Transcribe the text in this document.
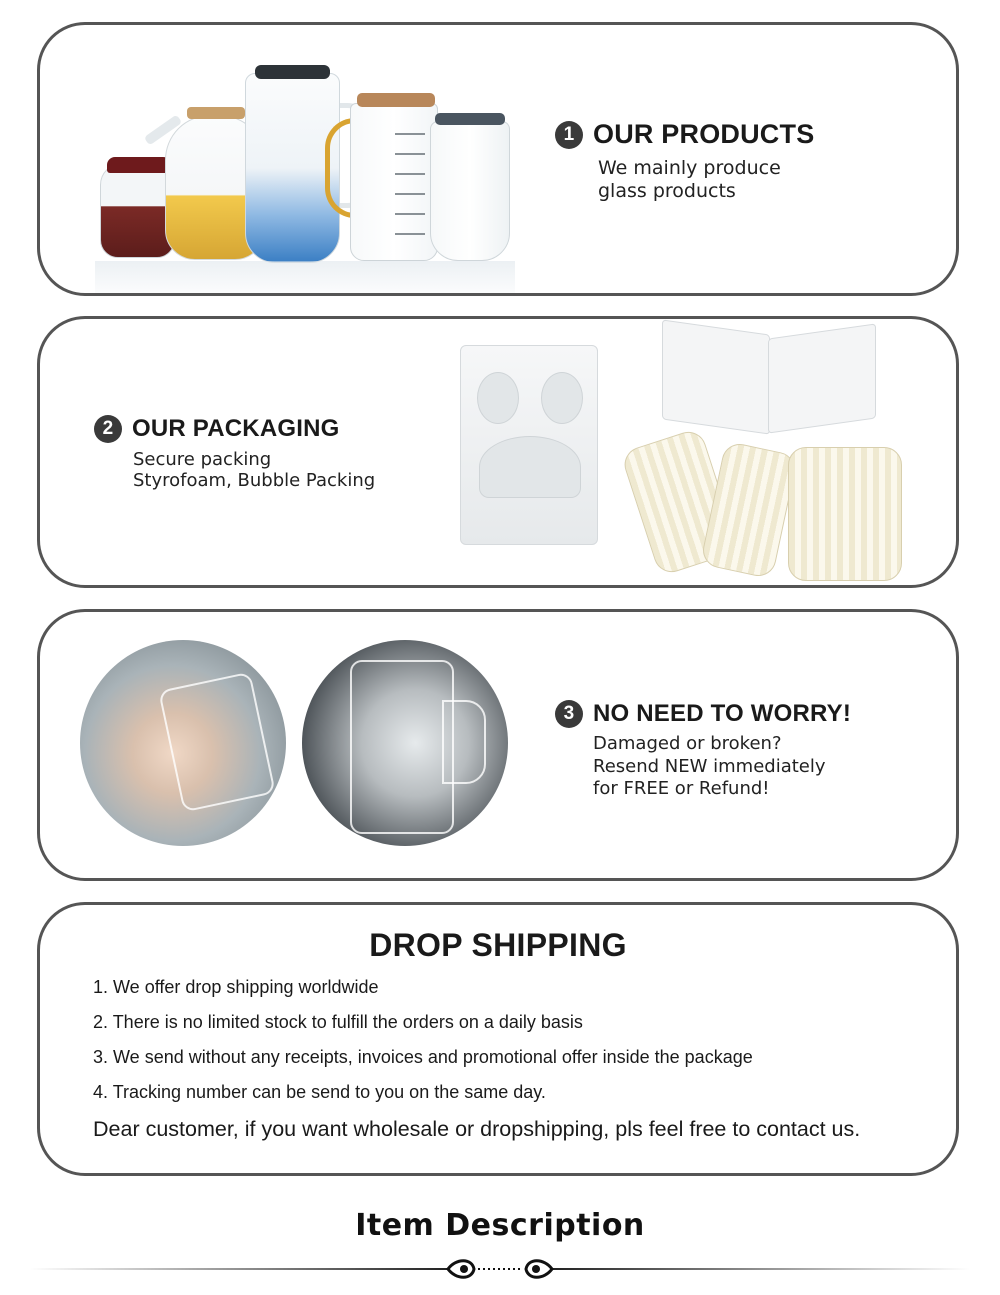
1 OUR PRODUCTS
We mainly produce
glass products
2 OUR PACKAGING
Secure packing
Styrofoam, Bubble Packing
3 NO NEED TO WORRY!
Damaged or broken?
Resend NEW immediately
for FREE or Refund!
DROP SHIPPING
1. We offer drop shipping worldwide
2. There is no limited stock to fulfill the orders on a daily basis
3. We send without any receipts, invoices and promotional offer inside the package
4. Tracking number can be send to you on the same day.
Dear customer, if you want wholesale or dropshipping, pls feel free to contact us.
Item Description
